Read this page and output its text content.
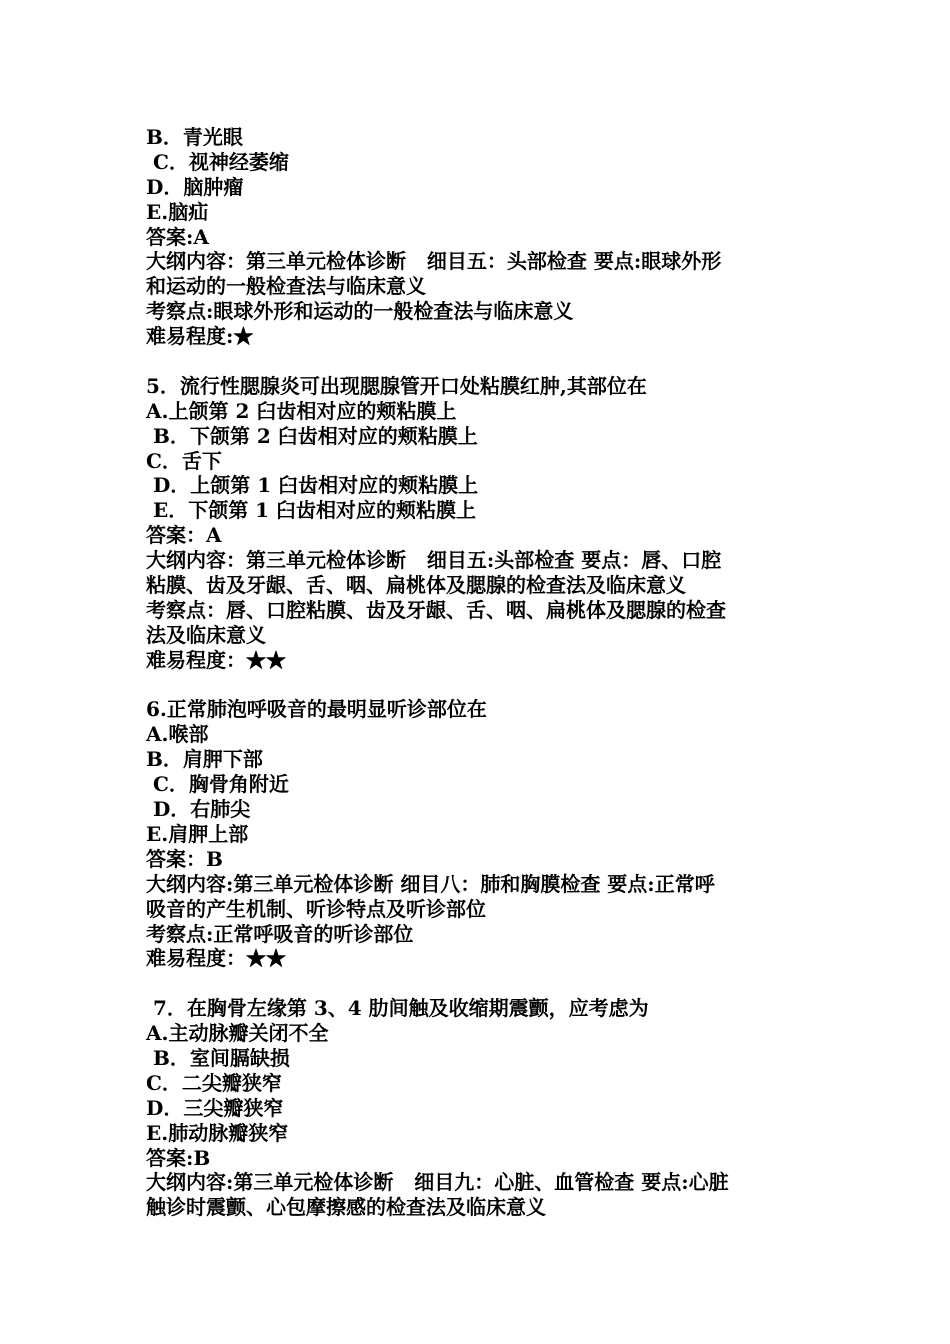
B．青光眼
C．视神经萎缩
D．脑肿瘤
E.脑疝
答案:A
大纲内容：第三单元检体诊断   细目五：头部检查 要点:眼球外形
和运动的一般检查法与临床意义
考察点:眼球外形和运动的一般检查法与临床意义
难易程度:★
5．流行性腮腺炎可出现腮腺管开口处粘膜红肿,其部位在
A.上颌第 2 臼齿相对应的颊粘膜上
B．下颌第 2 臼齿相对应的颊粘膜上
C．舌下
D．上颌第 1 臼齿相对应的颊粘膜上
E．下颌第 1 臼齿相对应的颊粘膜上
答案：A
大纲内容：第三单元检体诊断   细目五:头部检查 要点：唇、口腔
粘膜、齿及牙龈、舌、咽、扁桃体及腮腺的检查法及临床意义
考察点：唇、口腔粘膜、齿及牙龈、舌、咽、扁桃体及腮腺的检查
法及临床意义
难易程度：★★
6.正常肺泡呼吸音的最明显听诊部位在
A.喉部
B．肩胛下部
C．胸骨角附近
D．右肺尖
E.肩胛上部
答案：B
大纲内容:第三单元检体诊断 细目八：肺和胸膜检查 要点:正常呼
吸音的产生机制、听诊特点及听诊部位
考察点:正常呼吸音的听诊部位
难易程度：★★
7．在胸骨左缘第 3、4 肋间触及收缩期震颤，应考虑为
A.主动脉瓣关闭不全
B．室间膈缺损
C．二尖瓣狭窄
D．三尖瓣狭窄
E.肺动脉瓣狭窄
答案:B
大纲内容:第三单元检体诊断   细目九：心脏、血管检查 要点:心脏
触诊时震颤、心包摩擦感的检查法及临床意义
